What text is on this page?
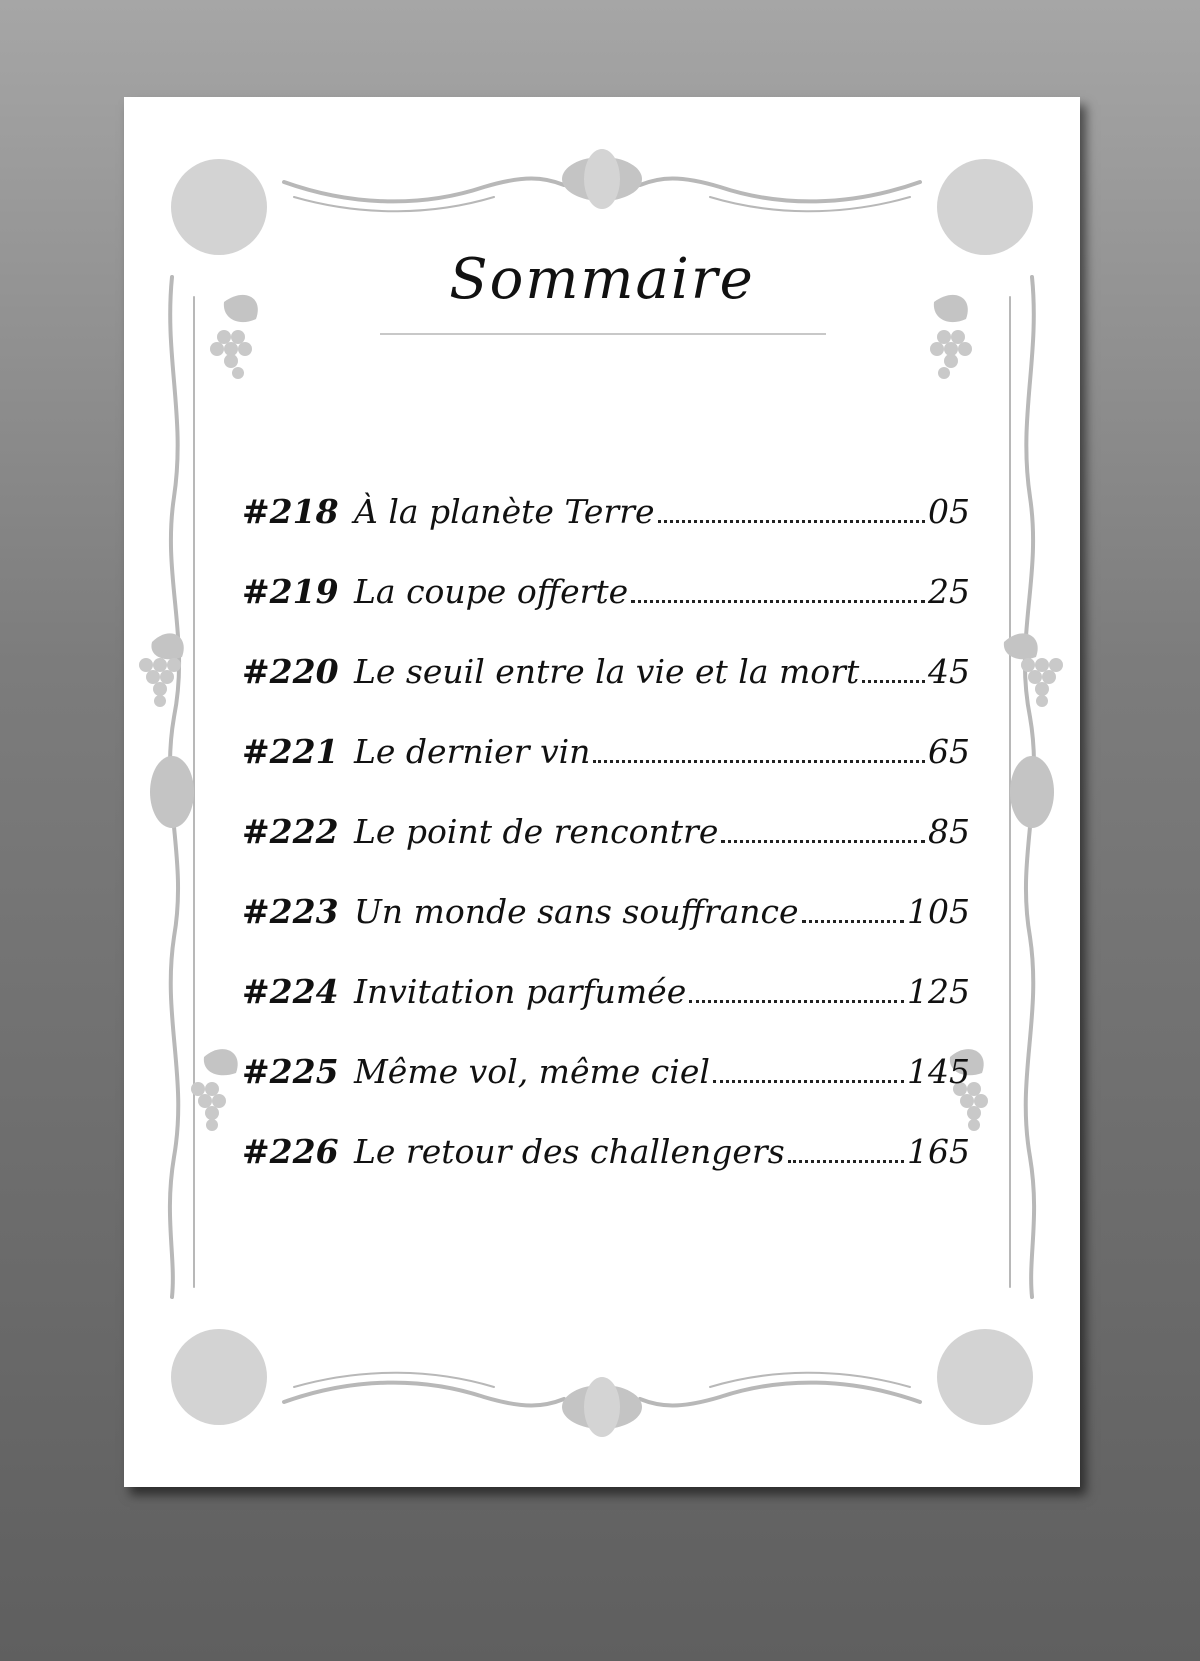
Sommaire
#218 À la planète Terre	05
#219 La coupe offerte	25
#220 Le seuil entre la vie et la mort 45
#221 Le dernier vin	65
#222 Le point de rencontre	85
#223 Un monde sans souffrance	105
#224 Invitation parfumée	125
#225 Même vol, même ciel	145
#226 Le retour des challengers	165
